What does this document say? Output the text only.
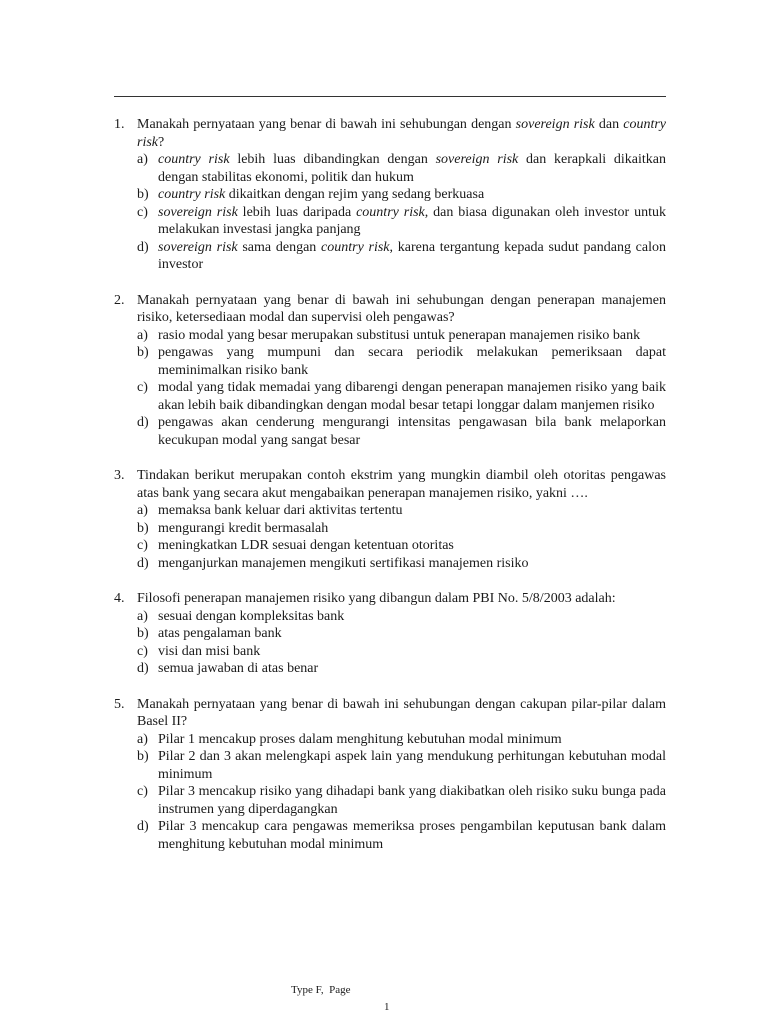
1. Manakah pernyataan yang benar di bawah ini sehubungan dengan sovereign risk dan country risk?
a) country risk lebih luas dibandingkan dengan sovereign risk dan kerapkali dikaitkan dengan stabilitas ekonomi, politik dan hukum
b) country risk dikaitkan dengan rejim yang sedang berkuasa
c) sovereign risk lebih luas daripada country risk, dan biasa digunakan oleh investor untuk melakukan investasi jangka panjang
d) sovereign risk sama dengan country risk, karena tergantung kepada sudut pandang calon investor
2. Manakah pernyataan yang benar di bawah ini sehubungan dengan penerapan manajemen risiko, ketersediaan modal dan supervisi oleh pengawas?
a) rasio modal yang besar merupakan substitusi untuk penerapan manajemen risiko bank
b) pengawas yang mumpuni dan secara periodik melakukan pemeriksaan dapat meminimalkan risiko bank
c) modal yang tidak memadai yang dibarengi dengan penerapan manajemen risiko yang baik akan lebih baik dibandingkan dengan modal besar tetapi longgar dalam manjemen risiko
d) pengawas akan cenderung mengurangi intensitas pengawasan bila bank melaporkan kecukupan modal yang sangat besar
3. Tindakan berikut merupakan contoh ekstrim yang mungkin diambil oleh otoritas pengawas atas bank yang secara akut mengabaikan penerapan manajemen risiko, yakni ….
a) memaksa bank keluar dari aktivitas tertentu
b) mengurangi kredit bermasalah
c) meningkatkan LDR sesuai dengan ketentuan otoritas
d) menganjurkan manajemen mengikuti sertifikasi manajemen risiko
4. Filosofi penerapan manajemen risiko yang dibangun dalam PBI No. 5/8/2003 adalah:
a) sesuai dengan kompleksitas bank
b) atas pengalaman bank
c) visi dan misi bank
d) semua jawaban di atas benar
5. Manakah pernyataan yang benar di bawah ini sehubungan dengan cakupan pilar-pilar dalam Basel II?
a) Pilar 1 mencakup proses dalam menghitung kebutuhan modal minimum
b) Pilar 2 dan 3 akan melengkapi aspek lain yang mendukung perhitungan kebutuhan modal minimum
c) Pilar 3 mencakup risiko yang dihadapi bank yang diakibatkan oleh risiko suku bunga pada instrumen yang diperdagangkan
d) Pilar 3 mencakup cara pengawas memeriksa proses pengambilan keputusan bank dalam menghitung kebutuhan modal minimum

Type F,  Page

1
